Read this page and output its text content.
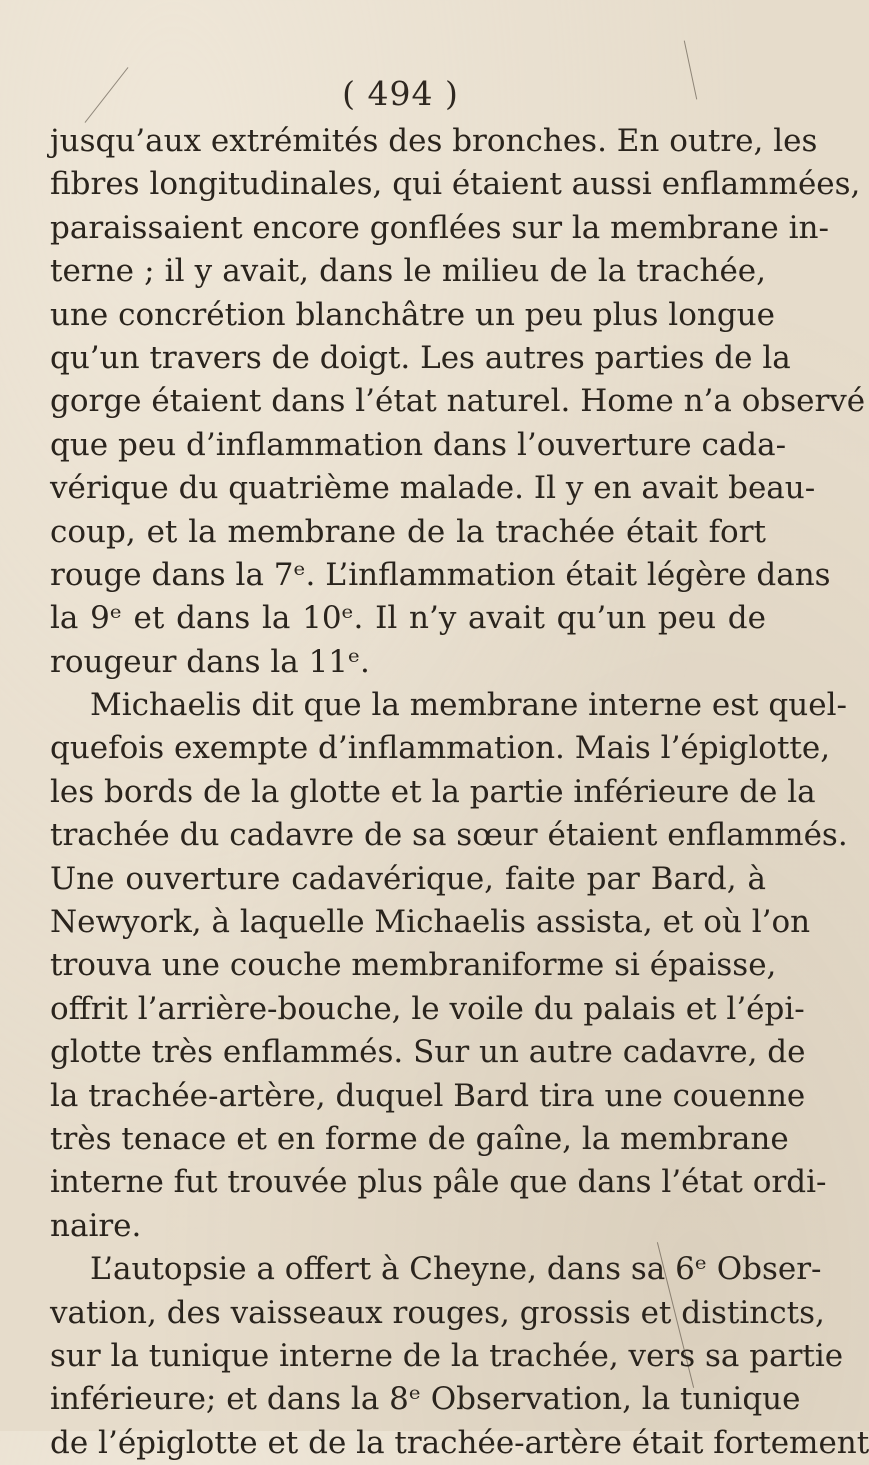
( 494 )
jusqu’aux extrémités des bronches. En outre, les
fibres longitudinales, qui étaient aussi enflammées,
paraissaient encore gonflées sur la membrane in-
terne ; il y avait, dans le milieu de la trachée,
une concrétion blanchâtre un peu plus longue
qu’un travers de doigt. Les autres parties de la
gorge étaient dans l’état naturel. Home n’a observé
que peu d’inflammation dans l’ouverture cada-
vérique du quatrième malade. Il y en avait beau-
coup, et la membrane de la trachée était fort
rouge dans la 7ᵉ. L’inflammation était légère dans
la 9ᵉ et dans la 10ᵉ. Il n’y avait qu’un peu de
rougeur dans la 11ᵉ.
Michaelis dit que la membrane interne est quel-
quefois exempte d’inflammation. Mais l’épiglotte,
les bords de la glotte et la partie inférieure de la
trachée du cadavre de sa sœur étaient enflammés.
Une ouverture cadavérique, faite par Bard, à
Newyork, à laquelle Michaelis assista, et où l’on
trouva une couche membraniforme si épaisse,
offrit l’arrière-bouche, le voile du palais et l’épi-
glotte très enflammés. Sur un autre cadavre, de
la trachée-artère, duquel Bard tira une couenne
très tenace et en forme de gaîne, la membrane
interne fut trouvée plus pâle que dans l’état ordi-
naire.
L’autopsie a offert à Cheyne, dans sa 6ᵉ Obser-
vation, des vaisseaux rouges, grossis et distincts,
sur la tunique interne de la trachée, vers sa partie
inférieure; et dans la 8ᵉ Observation, la tunique
de l’épiglotte et de la trachée-artère était fortement
